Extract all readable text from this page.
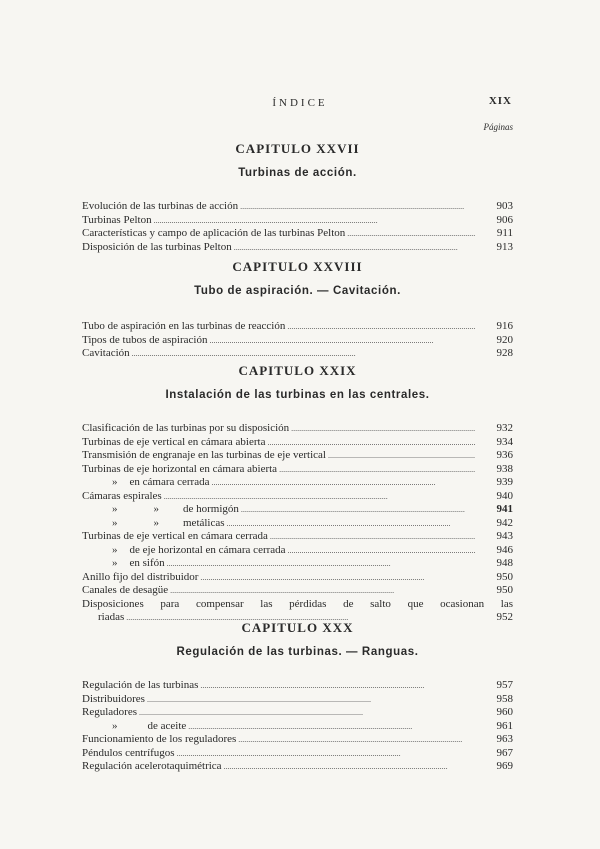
ÍNDICE	XIX
Páginas
CAPITULO XXVII
Turbinas de acción.
Evolución de las turbinas de acción . . .	903
Turbinas Pelton . . .	906
Características y campo de aplicación de las turbinas Pelton . . .	911
Disposición de las turbinas Pelton . . .	913
CAPITULO XXVIII
Tubo de aspiración. — Cavitación.
Tubo de aspiración en las turbinas de reacción . . .	916
Tipos de tubos de aspiración . . .	920
Cavitación . . .	928
CAPITULO XXIX
Instalación de las turbinas en las centrales.
Clasificación de las turbinas por su disposición . . .	932
Turbinas de eje vertical en cámara abierta . . .	934
Transmisión de engranaje en las turbinas de eje vertical . . .	936
Turbinas de eje horizontal en cámara abierta . . .	938
»	en cámara cerrada . . .	939
Cámaras espirales . . .	940
»	»	de hormigón . . .	941
»	»	metálicas . . .	942
Turbinas de eje vertical en cámara cerrada . . .	943
»	de eje horizontal en cámara cerrada . . .	946
»	en sifón . . .	948
Anillo fijo del distribuidor . . .	950
Canales de desagüe . . .	950
Disposiciones para compensar las pérdidas de salto que ocasionan las
riadas . . .	952
CAPITULO XXX
Regulación de las turbinas. — Ranguas.
Regulación de las turbinas . . .	957
Distribuidores . . .	958
Reguladores . . .	960
»	de aceite . . .	961
Funcionamiento de los reguladores . . .	963
Péndulos centrífugos . . .	967
Regulación acelerotaquimétrica . . .	969
